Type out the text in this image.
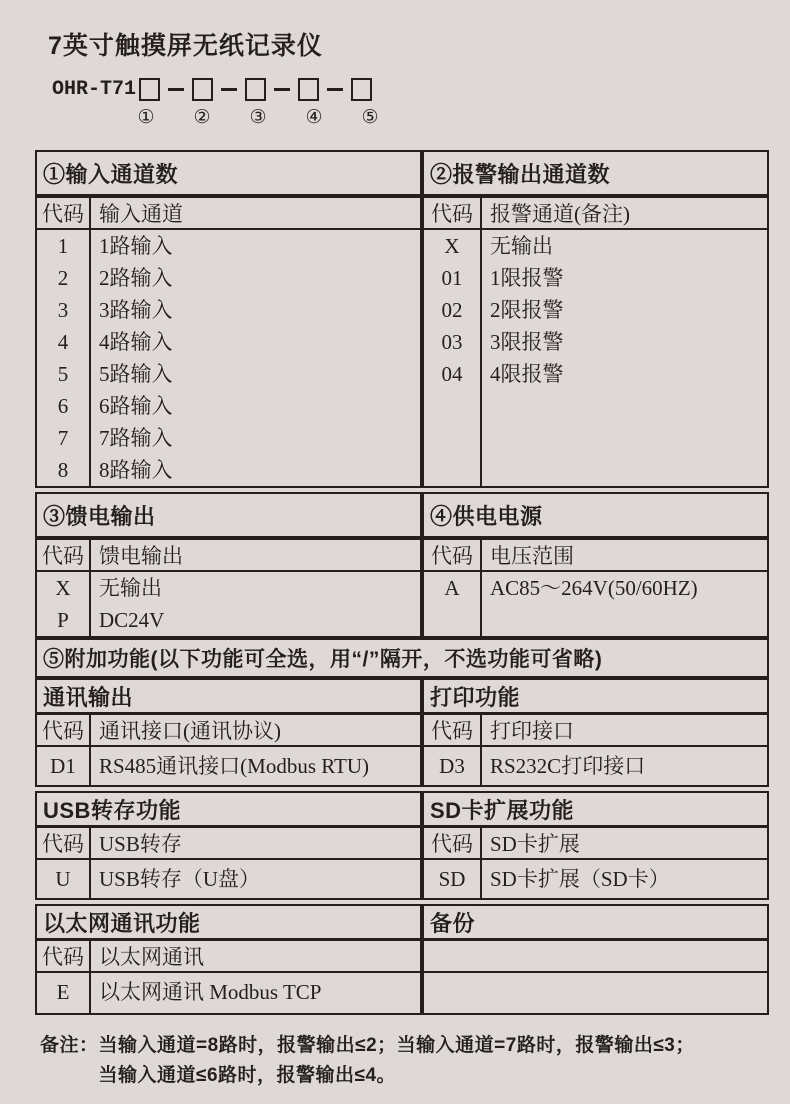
7英寸触摸屏无纸记录仪
OHR-T71
① ② ③ ④ ⑤
①输入通道数
代码 输入通道
1
2
3
4
5
6
7
8
1路输入
2路输入
3路输入
4路输入
5路输入
6路输入
7路输入
8路输入
②报警输出通道数
代码 报警通道(备注)
X
01
02
03
04
无输出
1限报警
2限报警
3限报警
4限报警
③馈电输出
代码 馈电输出
X
P
无输出
DC24V
④供电电源
代码 电压范围
A AC85～264V(50/60HZ)
⑤附加功能(以下功能可全选，用“/”隔开，不选功能可省略)
通讯输出
代码 通讯接口(通讯协议)
D1 RS485通讯接口(Modbus RTU)
打印功能
代码 打印接口
D3 RS232C打印接口
USB转存功能
代码 USB转存
U USB转存（U盘）
SD卡扩展功能
代码 SD卡扩展
SD SD卡扩展（SD卡）
以太网通讯功能
代码 以太网通讯
E 以太网通讯 Modbus TCP
备份
备注： 当输入通道=8路时，报警输出≤2；当输入通道=7路时，报警输出≤3；
当输入通道≤6路时，报警输出≤4。
